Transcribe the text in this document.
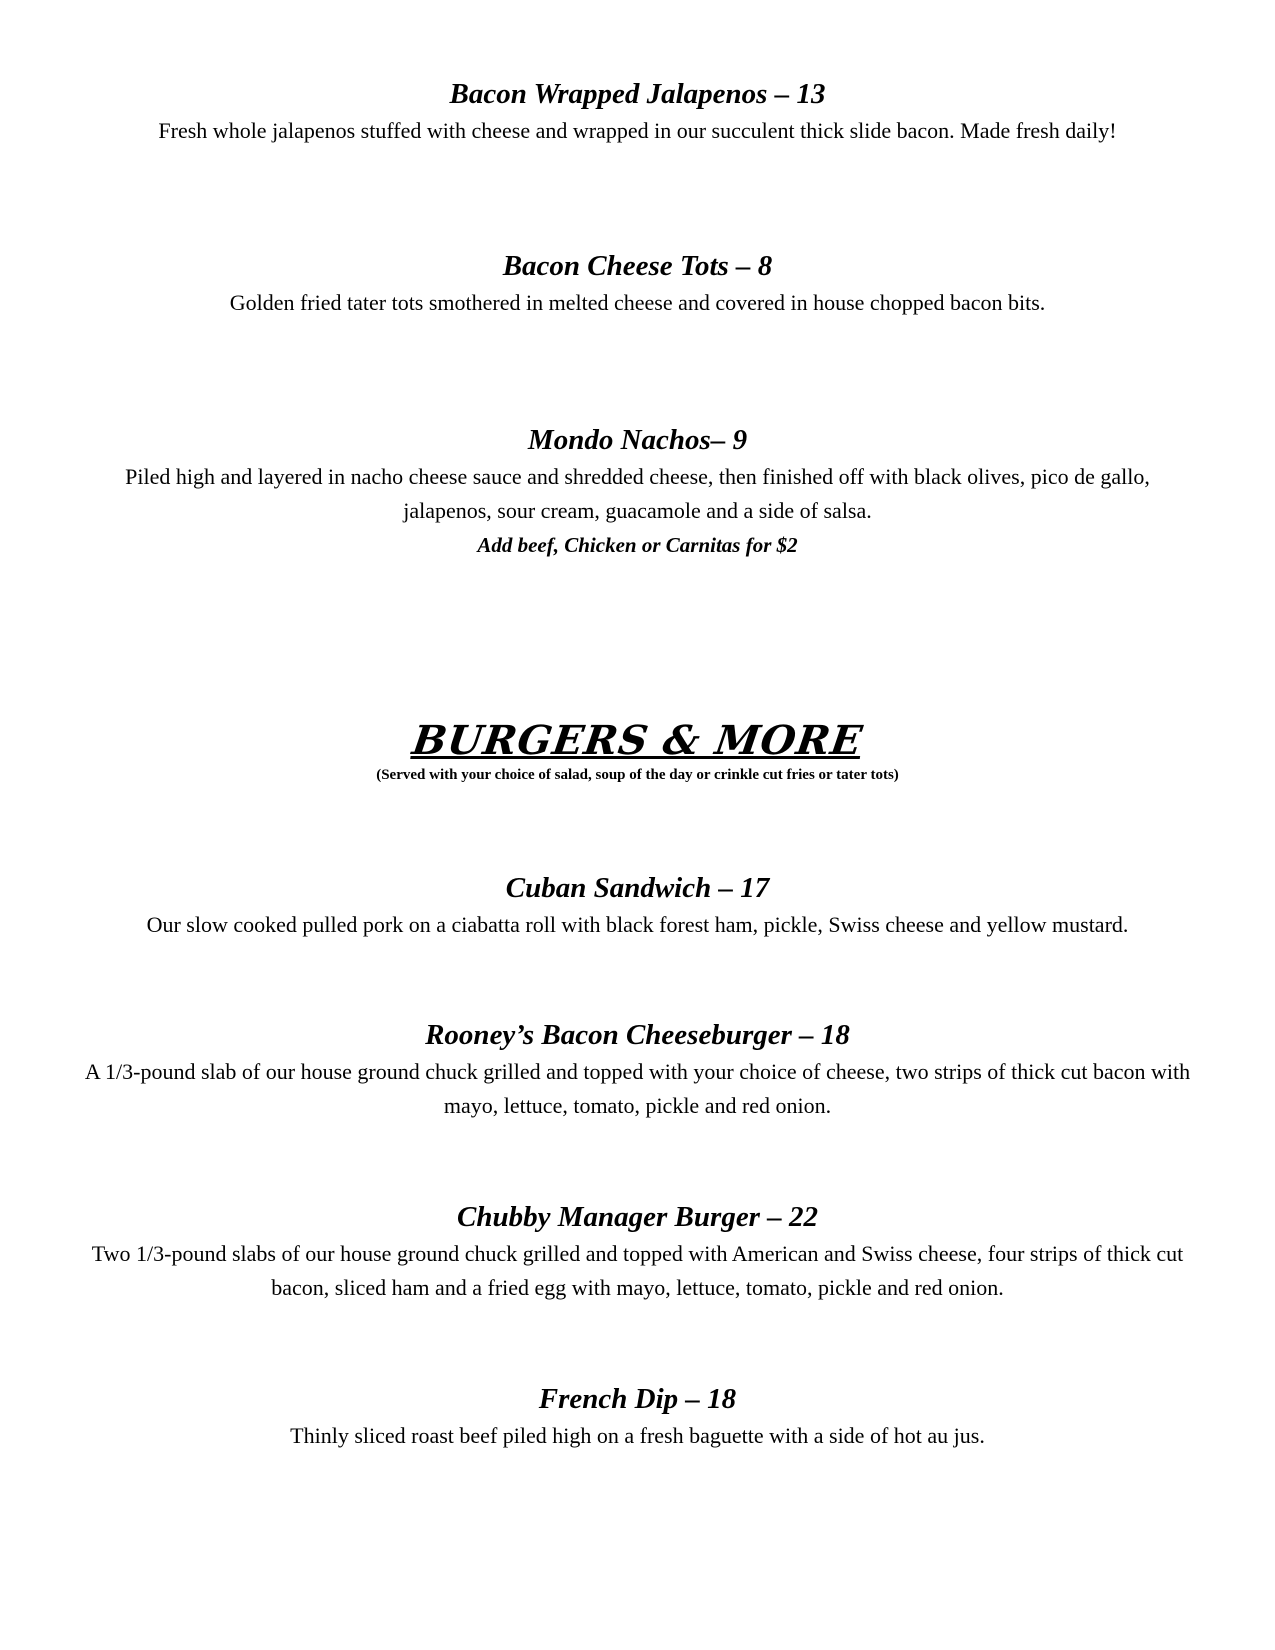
Bacon Wrapped Jalapenos – 13

Fresh whole jalapenos stuffed with cheese and wrapped in our succulent thick slide bacon. Made fresh daily!

Bacon Cheese Tots – 8

Golden fried tater tots smothered in melted cheese and covered in house chopped bacon bits.

Mondo Nachos– 9

Piled high and layered in nacho cheese sauce and shredded cheese, then finished off with black olives, pico de gallo, jalapenos, sour cream, guacamole and a side of salsa.

Add beef, Chicken or Carnitas for $2

BURGERS & MORE

(Served with your choice of salad, soup of the day or crinkle cut fries or tater tots)

Cuban Sandwich – 17

Our slow cooked pulled pork on a ciabatta roll with black forest ham, pickle, Swiss cheese and yellow mustard.

Rooney’s Bacon Cheeseburger – 18

A 1/3-pound slab of our house ground chuck grilled and topped with your choice of cheese, two strips of thick cut bacon with mayo, lettuce, tomato, pickle and red onion.

Chubby Manager Burger – 22

Two 1/3-pound slabs of our house ground chuck grilled and topped with American and Swiss cheese, four strips of thick cut bacon, sliced ham and a fried egg with mayo, lettuce, tomato, pickle and red onion.

French Dip – 18

Thinly sliced roast beef piled high on a fresh baguette with a side of hot au jus.
